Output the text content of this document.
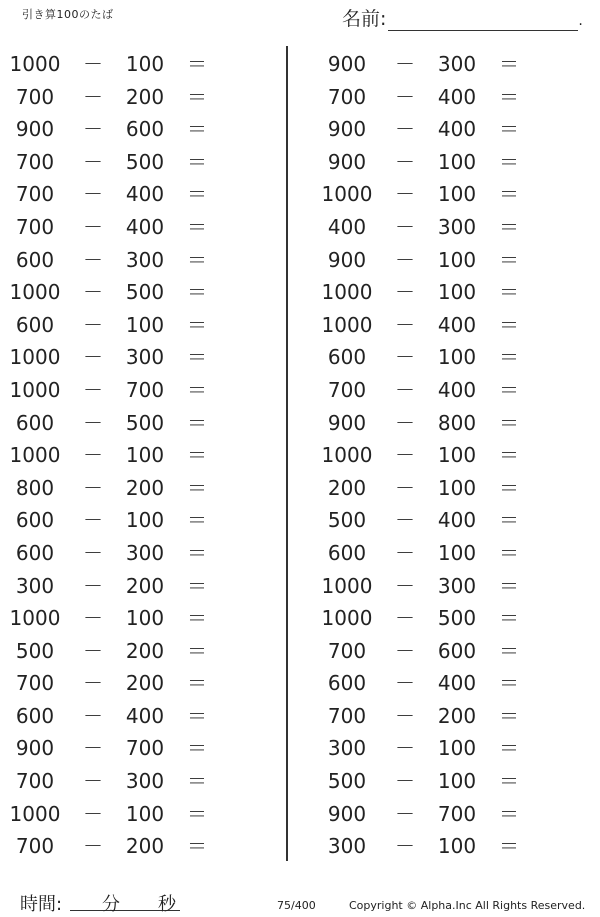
引き算100のたば	名前:	.
1000 － 100 ＝
700	－ 200 ＝
900	－ 600 ＝
700	－ 500 ＝
700	－ 400 ＝
700	－ 400 ＝
600	－ 300 ＝
1000 － 500 ＝
600	－ 100 ＝
1000 － 300 ＝
1000 － 700 ＝
600	－ 500 ＝
1000 － 100 ＝
800	－ 200 ＝
600	－ 100 ＝
600	－ 300 ＝
300	－ 200 ＝
1000 － 100 ＝
500	－ 200 ＝
700	－ 200 ＝
600	－ 400 ＝
900	－ 700 ＝
700	－ 300 ＝
1000 － 100 ＝
700	－ 200 ＝
900	－ 300 ＝
700	－ 400 ＝
900	－ 400 ＝
900	－ 100 ＝
1000 － 100 ＝
400	－ 300 ＝
900	－ 100 ＝
1000 － 100 ＝
1000 － 400 ＝
600	－ 100 ＝
700	－ 400 ＝
900	－ 800 ＝
1000 － 100 ＝
200	－ 100 ＝
500	－ 400 ＝
600	－ 100 ＝
1000 － 300 ＝
1000 － 500 ＝
700	－ 600 ＝
600	－ 400 ＝
700	－ 200 ＝
300	－ 100 ＝
500	－ 100 ＝
900	－ 700 ＝
300	－ 100 ＝
時間: 分 秒	75/400	Copyright © Alpha.Inc All Rights Reserved.
